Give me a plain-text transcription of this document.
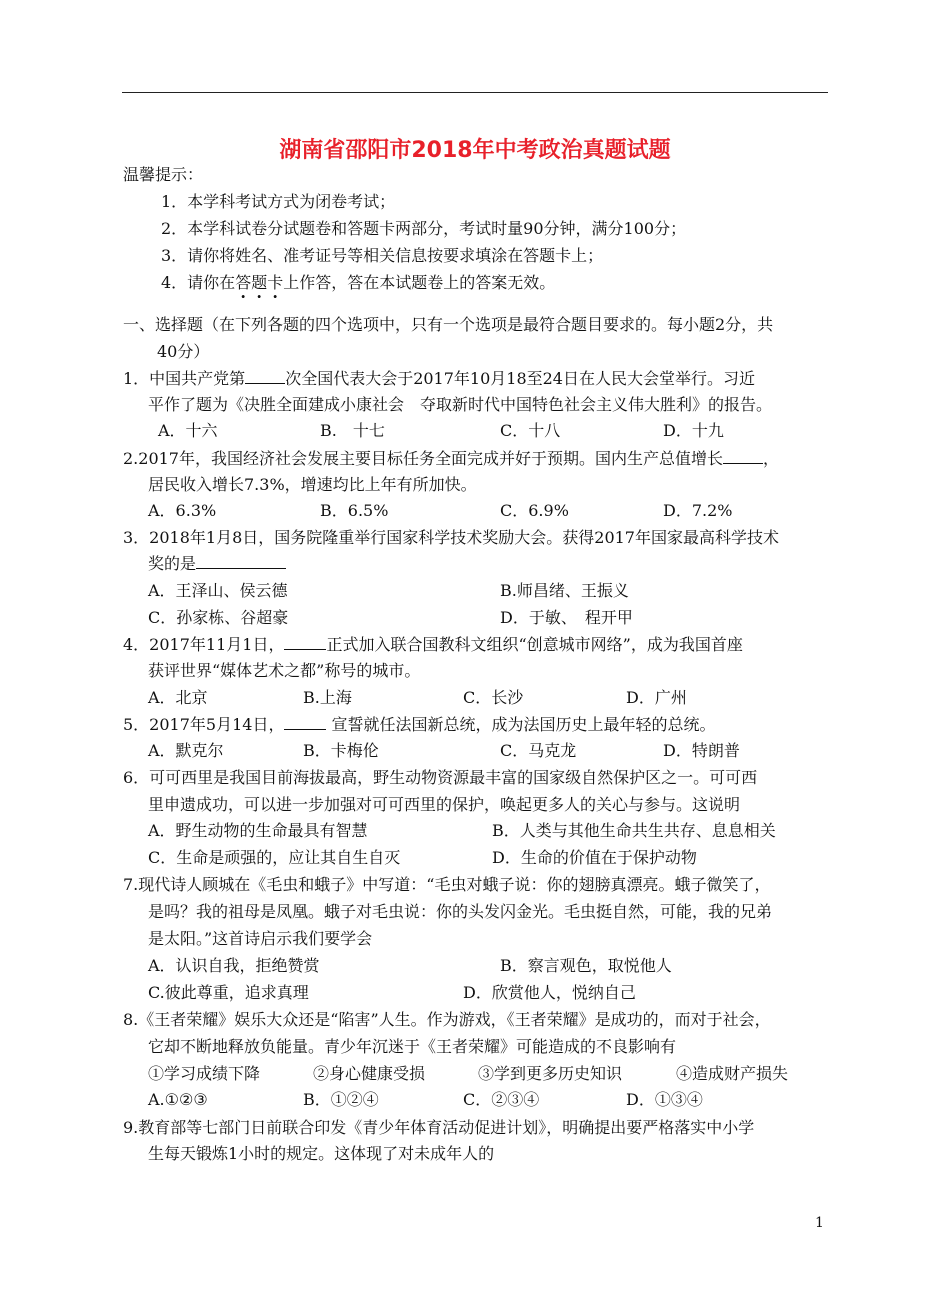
湖南省邵阳市2018年中考政治真题试题
温馨提示：
1．本学科考试方式为闭卷考试；
2．本学科试卷分试题卷和答题卡两部分，考试时量90分钟，满分100分；
3．请你将姓名、准考证号等相关信息按要求填涂在答题卡上；
4．请你在答题卡上作答，答在本试题卷上的答案无效。
一、选择题（在下列各题的四个选项中，只有一个选项是最符合题目要求的。每小题2分，共
40分）
1．中国共产党第	次全国代表大会于2017年10月18至24日在人民大会堂举行。习近
平作了题为《决胜全面建成小康社会　夺取新时代中国特色社会主义伟大胜利》的报告。
A．十六	B.　十七	C．十八	D．十九
2.2017年，我国经济社会发展主要目标任务全面完成并好于预期。国内生产总值增长	，
居民收入增长7.3%，增速均比上年有所加快。
A．6.3%	B．6.5%	C．6.9%	D．7.2%
3．2018年1月8日，国务院隆重举行国家科学技术奖励大会。获得2017年国家最高科学技术
奖的是
A．王泽山、侯云德	B.师昌绪、王振义
C．孙家栋、谷超豪	D．于敏、　程开甲
4．2017年11月1日，	正式加入联合国教科文组织“创意城市网络”，成为我国首座
获评世界“媒体艺术之都”称号的城市。
A．北京	B.上海	C．长沙	D．广州
5．2017年5月14日，	宣誓就任法国新总统，成为法国历史上最年轻的总统。
A．默克尔	B．卡梅伦	C．马克龙	D．特朗普
6．可可西里是我国目前海拔最高，野生动物资源最丰富的国家级自然保护区之一。可可西
里申遗成功，可以进一步加强对可可西里的保护，唤起更多人的关心与参与。这说明
A．野生动物的生命最具有智慧	B．人类与其他生命共生共存、息息相关
C．生命是顽强的，应让其自生自灭	D．生命的价值在于保护动物
7.现代诗人顾城在《毛虫和蛾子》中写道：“毛虫对蛾子说：你的翅膀真漂亮。蛾子微笑了，
是吗？我的祖母是凤凰。蛾子对毛虫说：你的头发闪金光。毛虫挺自然，可能，我的兄弟
是太阳。”这首诗启示我们要学会
A．认识自我，拒绝赞赏	B．察言观色，取悦他人
C.彼此尊重，追求真理	D．欣赏他人，悦纳自己
8.《王者荣耀》娱乐大众还是“陷害”人生。作为游戏，《王者荣耀》是成功的，而对于社会，
它却不断地释放负能量。青少年沉迷于《王者荣耀》可能造成的不良影响有
①学习成绩下降	②身心健康受损	③学到更多历史知识	④造成财产损失
A.①②③	B．①②④	C．②③④	D．①③④
9.教育部等七部门日前联合印发《青少年体育活动促进计划》，明确提出要严格落实中小学
生每天锻炼1小时的规定。这体现了对未成年人的
1
